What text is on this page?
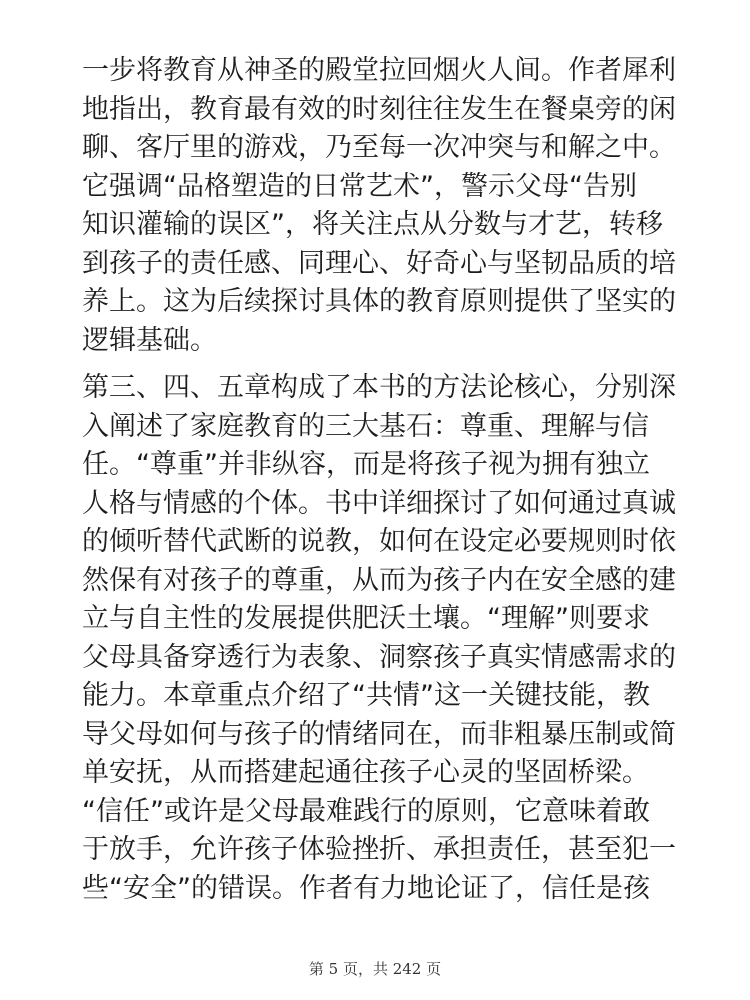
一步将教育从神圣的殿堂拉回烟火人间。作者犀利
地指出，教育最有效的时刻往往发生在餐桌旁的闲
聊、客厅里的游戏，乃至每一次冲突与和解之中。
它强调“品格塑造的日常艺术”，警示父母“告别
知识灌输的误区”，将关注点从分数与才艺，转移
到孩子的责任感、同理心、好奇心与坚韧品质的培
养上。这为后续探讨具体的教育原则提供了坚实的
逻辑基础。
第三、四、五章构成了本书的方法论核心，分别深
入阐述了家庭教育的三大基石：尊重、理解与信
任。“尊重”并非纵容，而是将孩子视为拥有独立
人格与情感的个体。书中详细探讨了如何通过真诚
的倾听替代武断的说教，如何在设定必要规则时依
然保有对孩子的尊重，从而为孩子内在安全感的建
立与自主性的发展提供肥沃土壤。“理解”则要求
父母具备穿透行为表象、洞察孩子真实情感需求的
能力。本章重点介绍了“共情”这一关键技能，教
导父母如何与孩子的情绪同在，而非粗暴压制或简
单安抚，从而搭建起通往孩子心灵的坚固桥梁。
“信任”或许是父母最难践行的原则，它意味着敢
于放手，允许孩子体验挫折、承担责任，甚至犯一
些“安全”的错误。作者有力地论证了，信任是孩
第 5 页，共 242 页
